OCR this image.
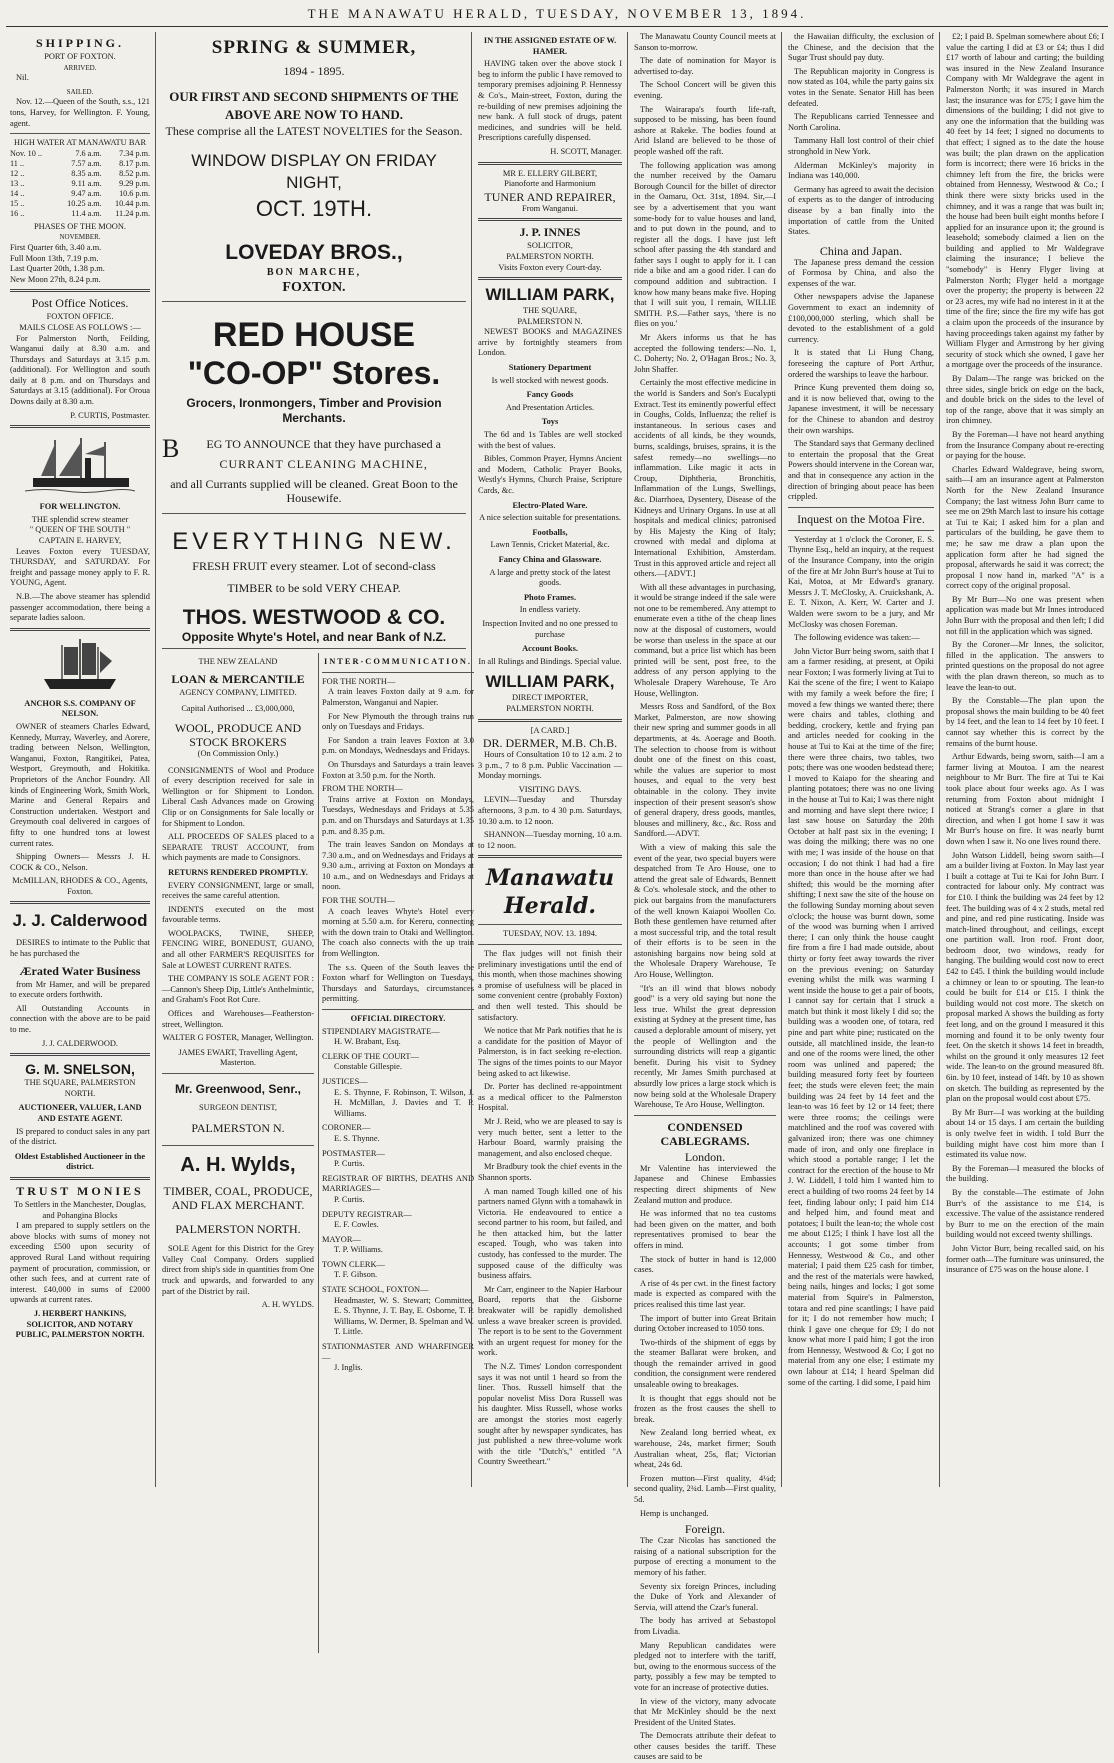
THE MANAWATU HERALD, TUESDAY, NOVEMBER 13, 1894.
SHIPPING.
PORT OF FOXTON.
ARRIVED.

Nil.

SAILED.

Nov. 12.—Queen of the South, s.s., 121 tons, Harvey, for Wellington. F. Young, agent.

HIGH WATER AT MANAWATU BAR
Nov. 10 ..	7.6 a.m.	7.34 p.m.
11 ..	7.57 a.m.	8.17 p.m.
12 ..	8.35 a.m.	8.52 p.m.
13 ..	9.11 a.m.	9.29 p.m.
14 ..	9.47 a.m.	10.6 p.m.
15 ..	10.25 a.m.	10.44 p.m.
16 ..	11.4 a.m.	11.24 p.m.
PHASES OF THE MOON.
NOVEMBER.
First Quarter 6th, 3.40 a.m.
Full Moon 13th, 7.19 p.m.
Last Quarter 20th, 1.38 p.m.
New Moon 27th, 8.24 p.m.
Post Office Notices.
FOXTON OFFICE.
MAILS CLOSE AS FOLLOWS :—

For Palmerston North, Feilding, Wanganui daily at 8.30 a.m. and Thursdays and Saturdays at 3.15 p.m. (additional). For Wellington and south daily at 8 p.m. and on Thursdays and Saturdays at 3.15 (additional). For Oroua Downs daily at 8.30 a.m.

P. CURTIS, Postmaster.
FOR WELLINGTON.
THE splendid screw steamer
" QUEEN OF THE SOUTH "
CAPTAIN E. HARVEY,

Leaves Foxton every TUESDAY, THURSDAY, and SATURDAY. For freight and passage money apply to F. R. YOUNG, Agent.

N.B.—The above steamer has splendid passenger accommodation, there being a separate ladies saloon.

ANCHOR S.S. COMPANY OF NELSON.

OWNER of steamers Charles Edward, Kennedy, Murray, Waverley, and Aorere, trading between Nelson, Wellington, Wanganui, Foxton, Rangitikei, Patea, Westport, Greymouth, and Hokitika. Proprietors of the Anchor Foundry. All kinds of Engineering Work, Smith Work, Marine and General Repairs and Construction undertaken. Westport and Greymouth coal delivered in cargoes of fifty to one hundred tons at lowest current rates.

Shipping Owners— Messrs J. H. COCK & CO., Nelson.

McMILLAN, RHODES & CO., Agents, Foxton.
J. J. Calderwood

DESIRES to intimate to the Public that he has purchased the

Ærated Water Business

from Mr Hamer, and will be prepared to execute orders forthwith.

All Outstanding Accounts in connection with the above are to be paid to me.

J. J. CALDERWOOD.
G. M. SNELSON,
THE SQUARE, PALMERSTON NORTH.
AUCTIONEER, VALUER, LAND AND ESTATE AGENT.

IS prepared to conduct sales in any part of the district.

Oldest Established Auctioneer in the district.
TRUST MONIES
To Settlers in the Manchester, Douglas, and Pohangina Blocks

I am prepared to supply settlers on the above blocks with sums of money not exceeding £500 upon security of approved Rural Land without requiring payment of procuration, commission, or other such fees, and at current rate of interest. £40,000 in sums of £2000 upwards at current rates.

J. HERBERT HANKINS, SOLICITOR, AND NOTARY PUBLIC, PALMERSTON NORTH.
SPRING & SUMMER,
1894 - 1895.
OUR FIRST AND SECOND SHIPMENTS OF THE ABOVE ARE NOW TO HAND.
These comprise all the LATEST NOVELTIES for the Season.
WINDOW DISPLAY ON FRIDAY NIGHT,
OCT. 19TH.
LOVEDAY BROS.,
BON MARCHE,
FOXTON.
RED HOUSE
"CO-OP" Stores.
Grocers, Ironmongers, Timber and Provision Merchants.
B EG TO ANNOUNCE that they have purchased a
CURRANT CLEANING MACHINE,
and all Currants supplied will be cleaned. Great Boon to the Housewife.
EVERYTHING NEW.
FRESH FRUIT every steamer. Lot of second-class
TIMBER to be sold VERY CHEAP.
THOS. WESTWOOD & CO.
Opposite Whyte's Hotel, and near Bank of N.Z.
THE NEW ZEALAND
LOAN & MERCANTILE
AGENCY COMPANY, LIMITED.
Capital Authorised ... £3,000,000,
WOOL, PRODUCE AND STOCK BROKERS
(On Commission Only.)

CONSIGNMENTS of Wool and Produce of every description received for sale in Wellington or for Shipment to London. Liberal Cash Advances made on Growing Clip or on Consignments for Sale locally or for Shipment to London.

ALL PROCEEDS OF SALES placed to a SEPARATE TRUST ACCOUNT, from which payments are made to Consignors.

RETURNS RENDERED PROMPTLY.

EVERY CONSIGNMENT, large or small, receives the same careful attention.

INDENTS executed on the most favourable terms.

WOOLPACKS, TWINE, SHEEP, FENCING WIRE, BONEDUST, GUANO, and all other FARMER'S REQUISITES for Sale at LOWEST CURRENT RATES.

THE COMPANY IS SOLE AGENT FOR :—Cannon's Sheep Dip, Little's Anthelmintic, and Graham's Foot Rot Cure.

Offices and Warehouses—Featherston-street, Wellington.

WALTER G FOSTER, Manager, Wellington.
JAMES EWART, Travelling Agent, Masterton.
Mr. Greenwood, Senr.,
SURGEON DENTIST,
PALMERSTON N.
A. H. Wylds,
TIMBER, COAL, PRODUCE, AND FLAX MERCHANT.
PALMERSTON NORTH.

SOLE Agent for this District for the Grey Valley Coal Company. Orders supplied direct from ship's side in quantities from One truck and upwards, and forwarded to any part of the District by rail.

A. H. WYLDS.
INTER-COMMUNICATION.
FOR THE NORTH—

A train leaves Foxton daily at 9 a.m. for Palmerston, Wanganui and Napier.

For New Plymouth the through trains run only on Tuesdays and Fridays.

For Sandon a train leaves Foxton at 3.0 p.m. on Mondays, Wednesdays and Fridays.

On Thursdays and Saturdays a train leaves Foxton at 3.50 p.m. for the North.

FROM THE NORTH—

Trains arrive at Foxton on Mondays, Tuesdays, Wednesdays and Fridays at 5.35 p.m. and on Thursdays and Saturdays at 1.35 p.m. and 8.35 p.m.

The train leaves Sandon on Mondays at 7.30 a.m., and on Wednesdays and Fridays at 9.30 a.m., arriving at Foxton on Mondays at 10 a.m., and on Wednesdays and Fridays at noon.

FOR THE SOUTH—

A coach leaves Whyte's Hotel every morning at 5.50 a.m. for Kereru, connecting with the down train to Otaki and Wellington. The coach also connects with the up train from Wellington.

The s.s. Queen of the South leaves the Foxton wharf for Wellington on Tuesdays, Thursdays and Saturdays, circumstances permitting.

OFFICIAL DIRECTORY.
STIPENDIARY MAGISTRATE—
H. W. Brabant, Esq.
CLERK OF THE COURT—
Constable Gillespie.
JUSTICES—
E. S. Thynne, F. Robinson, T. Wilson, J. H. McMillan, J. Davies and T. P. Williams.
CORONER—
E. S. Thynne.
POSTMASTER—
P. Curtis.
REGISTRAR OF BIRTHS, DEATHS AND MARRIAGES—
P. Curtis.
DEPUTY REGISTRAR—
E. F. Cowles.
MAYOR—
T. P. Williams.
TOWN CLERK—
T. F. Gibson.
STATE SCHOOL, FOXTON—
Headmaster, W. S. Stewart; Committee, E. S. Thynne, J. T. Bay, E. Osborne, T. P. Williams, W. Dermer, B. Spelman and W. T. Little.
STATIONMASTER AND WHARFINGER—
J. Inglis.
IN THE ASSIGNED ESTATE OF W. HAMER.

HAVING taken over the above stock I beg to inform the public I have removed to temporary premises adjoining P. Hennessy & Co's., Main-street, Foxton, during the re-building of new premises adjoining the new bank. A full stock of drugs, patent medicines, and sundries will be held. Prescriptions carefully dispensed.

H. SCOTT, Manager.
MR E. ELLERY GILBERT,
Pianoforte and Harmonium
TUNER AND REPAIRER,
From Wanganui.
J. P. INNES
SOLICITOR,
PALMERSTON NORTH.
Visits Foxton every Court-day.
WILLIAM PARK,
THE SQUARE,
PALMERSTON N.

NEWEST BOOKS and MAGAZINES arrive by fortnightly steamers from London.

Stationery Department
Is well stocked with newest goods.
Fancy Goods
And Presentation Articles.
Toys

The 6d and 1s Tables are well stocked with the best of values.

Bibles, Common Prayer, Hymns Ancient and Modern, Catholic Prayer Books, Westly's Hymns, Church Praise, Scripture Cards, &c.

Electro-Plated Ware.
A nice selection suitable for presentations.
Footballs,
Lawn Tennis, Cricket Material, &c.
Fancy China and Glassware.
A large and pretty stock of the latest goods.
Photo Frames.
In endless variety.
Inspection Invited and no one pressed to purchase
Account Books.
In all Rulings and Bindings. Special value.
WILLIAM PARK,
DIRECT IMPORTER,
PALMERSTON NORTH.
[A CARD.]
DR. DERMER, M.B. Ch.B.

Hours of Consultation 10 to 12 a.m. 2 to 3 p.m., 7 to 8 p.m. Public Vaccination — Monday mornings.

VISITING DAYS.

LEVIN—Tuesday and Thursday afternoons, 3 p.m. to 4 30 p.m. Saturdays, 10.30 a.m. to 12 noon.

SHANNON—Tuesday morning, 10 a.m. to 12 noon.

Manawatu Herald.
TUESDAY, NOV. 13. 1894.

The flax judges will not finish their preliminary investigations until the end of this month, when those machines showing a promise of usefulness will be placed in some convenient centre (probably Foxton) and then well tested. This should be satisfactory.

We notice that Mr Park notifies that he is a candidate for the position of Mayor of Palmerston, is in fact seeking re-election. The signs of the times points to our Mayor being asked to act likewise.

Dr. Porter has declined re-appointment as a medical officer to the Palmerston Hospital.

Mr J. Reid, who we are pleased to say is very much better, sent a letter to the Harbour Board, warmly praising the management, and also enclosed cheque.

Mr Bradbury took the chief events in the Shannon sports.

A man named Tough killed one of his partners named Glynn with a tomahawk in Victoria. He endeavoured to entice a second partner to his room, but failed, and he then attacked him, but the latter escaped. Tough, who was taken into custody, has confessed to the murder. The supposed cause of the difficulty was business affairs.

Mr Carr, engineer to the Napier Harbour Board, reports that the Gisborne breakwater will be rapidly demolished unless a wave breaker screen is provided. The report is to be sent to the Government with an urgent request for money for the work.

The N.Z. Times' London correspondent says it was not until 1 heard so from the liner. Thos. Russell himself that the popular novelist Miss Dora Russell was his daughter. Miss Russell, whose works are amongst the stories most eagerly sought after by newspaper syndicates, has just published a new three-volume work with the title "Dutch's," entitled "A Country Sweetheart."

The Manawatu County Council meets at Sanson to-morrow.

The date of nomination for Mayor is advertised to-day.

The School Concert will be given this evening.

The Wairarapa's fourth life-raft, supposed to be missing, has been found ashore at Rakeke. The bodies found at Arid Island are believed to be those of people washed off the raft.

The following application was among the number received by the Oamaru Borough Council for the billet of director in the Oamaru, Oct. 31st, 1894. Sir,—I see by a advertisement that you want some-body for to value houses and land, and to put down in the pound, and to register all the dogs. I have just left school after passing the 4th standard and father says I ought to apply for it. I can ride a bike and am a good rider. I can do compound addition and subtraction. I know how many beans make five. Hoping that I will suit you, I remain, WILLIE SMITH. P.S.—Father says, 'there is no flies on you.'

Mr Akers informs us that he has accepted the following tenders:—No. 1, C. Doherty; No. 2, O'Hagan Bros.; No. 3, John Shaffer.

Certainly the most effective medicine in the world is Sanders and Son's Eucalypti Extract. Test its eminently powerful effect in Coughs, Colds, Influenza; the relief is instantaneous. In serious cases and accidents of all kinds, be they wounds, burns, scaldings, bruises, sprains, it is the safest remedy—no swellings—no inflammation. Like magic it acts in Croup, Diphtheria, Bronchitis, Inflammation of the Lungs, Swellings, &c. Diarrhoea, Dysentery, Disease of the Kidneys and Urinary Organs. In use at all hospitals and medical clinics; patronised by His Majesty the King of Italy; crowned with medal and diploma at International Exhibition, Amsterdam. Trust in this approved article and reject all others.—[ADVT.]

With all these advantages in purchasing, it would be strange indeed if the sale were not one to be remembered. Any attempt to enumerate even a tithe of the cheap lines now at the disposal of customers, would be worse than useless in the space at our command, but a price list which has been printed will be sent, post free, to the address of any person applying to the Wholesale Drapery Warehouse, Te Aro House, Wellington.

Messrs Ross and Sandford, of the Box Market, Palmerston, are now showing their new spring and summer goods in all departments, at 4s. Aoerage and Booth. The selection to choose from is without doubt one of the finest on this coast, while the values are superior to most houses, and equal to the very best obtainable in the colony. They invite inspection of their present season's show of general drapery, dress goods, mantles, blouses and millinery, &c., &c. Ross and Sandford.—ADVT.

With a view of making this sale the event of the year, two special buyers were despatched from Te Aro House, one to attend the great sale of Edwards, Bennett & Co's. wholesale stock, and the other to pick out bargains from the manufacturers of the well known Kaiapoi Woollen Co. Both these gentlemen have returned after a most successful trip, and the total result of their efforts is to be seen in the astonishing bargains now being sold at the Wholesale Drapery Warehouse, Te Aro House, Wellington.

"It's an ill wind that blows nobody good" is a very old saying but none the less true. Whilst the great depression existing at Sydney at the present time, has caused a deplorable amount of misery, yet the people of Wellington and the surrounding districts will reap a gigantic benefit. During his visit to Sydney recently, Mr James Smith purchased at absurdly low prices a large stock which is now being sold at the Wholesale Drapery Warehouse, Te Aro House, Wellington.

CONDENSED CABLEGRAMS.
London.

Mr Valentine has interviewed the Japanese and Chinese Embassies respecting direct shipments of New Zealand mutton and produce.

He was informed that no tea customs had been given on the matter, and both representatives promised to bear the offers in mind.

The stock of butter in hand is 12,000 cases.

A rise of 4s per cwt. in the finest factory made is expected as compared with the prices realised this time last year.

The import of butter into Great Britain during October increased to 1050 tons.

Two-thirds of the shipment of eggs by the steamer Ballarat were broken, and though the remainder arrived in good condition, the consignment were rendered unsaleable owing to breakages.

It is thought that eggs should not be frozen as the frost causes the shell to break.

New Zealand long berried wheat, ex warehouse, 24s, market firmer; South Australian wheat, 25s, flat; Victorian wheat, 24s 6d.

Frozen mutton—First quality, 4¼d; second quality, 2¾d. Lamb—First quality, 5d.

Hemp is unchanged.

Foreign.

The Czar Nicolas has sanctioned the raising of a national subscription for the purpose of erecting a monument to the memory of his father.

Seventy six foreign Princes, including the Duke of York and Alexander of Servia, will attend the Czar's funeral.

The body has arrived at Sebastopol from Livadia.

Many Republican candidates were pledged not to interfere with the tariff, but, owing to the enormous success of the party, possibly a few may be tempted to vote for an increase of protective duties.

In view of the victory, many advocate that Mr McKinley should be the next President of the United States.

The Democrats attribute their defeat to other causes besides the tariff. These causes are said to be

the Hawaiian difficulty, the exclusion of the Chinese, and the decision that the Sugar Trust should pay duty.

The Republican majority in Congress is now stated as 104, while the party gains six votes in the Senate. Senator Hill has been defeated.

The Republicans carried Tennessee and North Carolina.

Tammany Hall lost control of their chief stronghold in New York.

Alderman McKinley's majority in Indiana was 140,000.

Germany has agreed to await the decision of experts as to the danger of introducing disease by a ban finally into the importation of cattle from the United States.

China and Japan.

The Japanese press demand the cession of Formosa by China, and also the expenses of the war.

Other newspapers advise the Japanese Government to exact an indemnity of £100,000,000 sterling, which shall be devoted to the establishment of a gold currency.

It is stated that Li Hung Chang, foreseeing the capture of Port Arthur, ordered the warships to leave the harbour.

Prince Kung prevented them doing so, and it is now believed that, owing to the Japanese investment, it will be necessary for the Chinese to abandon and destroy their own warships.

The Standard says that Germany declined to entertain the proposal that the Great Powers should intervene in the Corean war, and that in consequence any action in the direction of bringing about peace has been crippled.

Inquest on the Motoa Fire.

Yesterday at 1 o'clock the Coroner, E. S. Thynne Esq., held an inquiry, at the request of the Insurance Company, into the origin of the fire at Mr John Burr's house at Tui to Kai, Motoa, at Mr Edward's granary. Messrs J. T. McClosky, A. Cruickshank, A. E. T. Nixon, A. Kerr, W. Carter and J. Walden were sworn to be a jury, and Mr McClosky was chosen Foreman.

The following evidence was taken:—

John Victor Burr being sworn, saith that I am a farmer residing, at present, at Opiki near Foxton; I was formerly living at Tui to Kai the scene of the fire; I went to Kaiapo with my family a week before the fire; I moved a few things we wanted there; there were chairs and tables, clothing and bedding, crockery, kettle and frying pan and articles needed for cooking in the house at Tui to Kai at the time of the fire; there were three chairs, two tables, two pots; there was one wooden bedstead there; I moved to Kaiapo for the shearing and planting potatoes; there was no one living in the house at Tui to Kai; I was there night and morning and have slept there twice; I last saw house on Saturday the 20th October at half past six in the evening; I was doing the milking; there was no one with me; I was inside of the house on that occasion; I do not think I had had a fire more than once in the house after we had shifted; this would be the morning after shifting; I next saw the site of the house on the following Sunday morning about seven o'clock; the house was burnt down, some of the wood was burning when I arrived there; I can only think the house caught fire from a fire I had made outside, about thirty or forty feet away towards the river on the previous evening; on Saturday evening whilst the milk was warming I went inside the house to get a pair of boots, I cannot say for certain that I struck a match but think it most likely I did so; the building was a wooden one, of totara, red pine and part white pine; rusticated on the outside, all matchlined inside, the lean-to and one of the rooms were lined, the other room was unlined and papered; the building measured forty feet by fourteen feet; the studs were eleven feet; the main building was 24 feet by 14 feet and the lean-to was 16 feet by 12 or 14 feet; there were three rooms; the ceilings were matchlined and the roof was covered with galvanized iron; there was one chimney made of iron, and only one fireplace in which stood a portable range; I let the contract for the erection of the house to Mr J. W. Liddell, I told him I wanted him to erect a building of two rooms 24 feet by 14 feet, finding labour only; I paid him £14 and helped him, and found meat and potatoes; I built the lean-to; the whole cost me about £125; I think I have lost all the accounts; I got some timber from Hennessy, Westwood & Co., and other material; I paid them £25 cash for timber, and the rest of the materials were hawked, being nails, hinges and locks; I got some material from Squire's in Palmerston, totara and red pine scantlings; I have paid for it; I do not remember how much; I think I gave one cheque for £9; I do not know what more I paid him; I got the iron from Hennessy, Westwood & Co; I got no material from any one else; I estimate my own labour at £14; I heard Spelman did some of the carting. I did some, I paid him

£2; I paid B. Spelman somewhere about £6; I value the carting I did at £3 or £4; thus I did £17 worth of labour and carting; the building was insured in the New Zealand Insurance Company with Mr Waldegrave the agent in Palmerston North; it was insured in March last; the insurance was for £75; I gave him the dimensions of the building; I did not give to any one the information that the building was 40 feet by 14 feet; I signed no documents to that effect; I signed as to the date the house was built; the plan drawn on the application form is incorrect; there were 16 bricks in the chimney left from the fire, the bricks were obtained from Hennessy, Westwood & Co.; I think there were sixty bricks used in the chimney, and it was a range that was built in; the house had been built eight months before I applied for an insurance upon it; the ground is leasehold; somebody claimed a lien on the building and applied to Mr Waldegrave claiming the insurance; I believe the "somebody" is Henry Flyger living at Palmerston North; Flyger held a mortgage over the property; the property is between 22 or 23 acres, my wife had no interest in it at the time of the fire; since the fire my wife has got a claim upon the proceeds of the insurance by having proceedings taken against my father by William Flyger and Armstrong by her giving security of stock which she owned, I gave her a mortgage over the proceeds of the insurance.

By Dalam—The range was bricked on the three sides, single brick on edge on the back, and double brick on the sides to the level of top of the range, above that it was simply an iron chimney.

By the Foreman—I have not heard anything from the Insurance Company about re-erecting or paying for the house.

Charles Edward Waldegrave, being sworn, saith—I am an insurance agent at Palmerston North for the New Zealand Insurance Company; the last witness John Burr came to see me on 29th March last to insure his cottage at Tui te Kai; I asked him for a plan and particulars of the building, he gave them to me; he saw me draw a plan upon the application form after he had signed the proposal, afterwards he said it was correct; the proposal I now hand in, marked "A" is a correct copy of the original proposal.

By Mr Burr—No one was present when application was made but Mr Innes introduced John Burr with the proposal and then left; I did not fill in the application which was signed.

By the Coroner—Mr Innes, the solicitor, filled in the application. The answers to printed questions on the proposal do not agree with the plan drawn thereon, so much as to leave the lean-to out.

By the Constable—The plan upon the proposal shows the main building to be 40 feet by 14 feet, and the lean to 14 feet by 10 feet. I cannot say whether this is correct by the remains of the burnt house.

Arthur Edwards, being sworn, saith—I am a farmer living at Moutoa. I am the nearest neighbour to Mr Burr. The fire at Tui te Kai took place about four weeks ago. As I was returning from Foxton about midnight I noticed at Strang's corner a glare in that direction, and when I got home I saw it was Mr Burr's house on fire. It was nearly burnt down when I saw it. No one lives round there.

John Watson Liddell, being sworn saith—I am a builder living at Foxton. In May last year I built a cottage at Tui te Kai for John Burr. I contracted for labour only. My contract was for £10. I think the building was 24 feet by 12 feet. The building was of 4 x 2 studs, metal red and pine, and red pine rusticating. Inside was match-lined throughout, and ceilings, except one partition wall. Iron roof. Front door, bedroom door, two windows, ready for hanging. The building would cost now to erect £42 to £45. I think the building would include a chimney or lean to or spouting. The lean-to could be built for £14 or £15. I think the building would not cost more. The sketch on proposal marked A shows the building as forty feet long, and on the ground I measured it this morning and found it to be only twenty four feet. On the sketch it shows 14 feet in breadth, whilst on the ground it only measures 12 feet wide. The lean-to on the ground measured 8ft. 6in. by 10 feet, instead of 14ft. by 10 as shown on sketch. The building as represented by the plan on the proposal would cost about £75.

By Mr Burr—I was working at the building about 14 or 15 days. I am certain the building is only twelve feet in width. I told Burr the building might have cost him more than I estimated its value now.

By the Foreman—I measured the blocks of the building.

By the constable—The estimate of John Burr's of the assistance to me £14, is excessive. The value of the assistance rendered by Burr to me on the erection of the main building would not exceed twenty shillings.

John Victor Burr, being recalled said, on his former oath—The furniture was uninsured, the insurance of £75 was on the house alone. I
